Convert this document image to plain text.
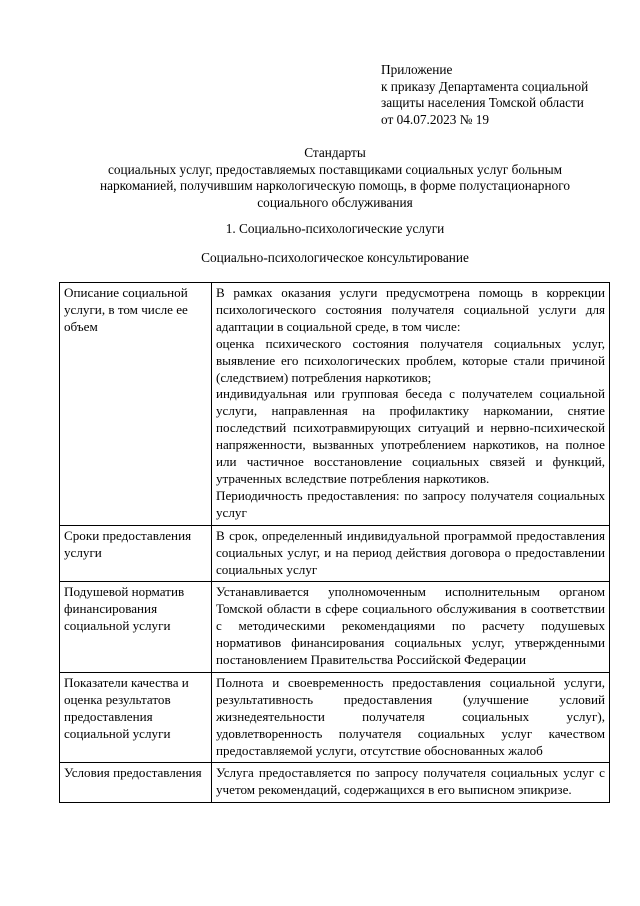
Приложение
к приказу Департамента социальной
защиты населения Томской области
от 04.07.2023 № 19
Стандарты
социальных услуг, предоставляемых поставщиками социальных услуг больным
наркоманией, получившим наркологическую помощь, в форме полустационарного
социального обслуживания
1. Социально-психологические услуги
Социально-психологическое консультирование

Описание социальной услуги, в том числе ее объем	В рамках оказания услуги предусмотрена помощь в коррекции психологического состояния получателя социальной услуги для адаптации в социальной среде, в том числе:

оценка психического состояния получателя социальных услуг, выявление его психологических проблем, которые стали причиной (следствием) потребления наркотиков;

индивидуальная или групповая беседа с получателем социальной услуги, направленная на профилактику наркомании, снятие последствий психотравмирующих ситуаций и нервно-психической напряженности, вызванных употреблением наркотиков, на полное или частичное восстановление социальных связей и функций, утраченных вследствие потребления наркотиков.

Периодичность предоставления: по запросу получателя социальных услуг

Сроки предоставления услуги	В срок, определенный индивидуальной программой предоставления социальных услуг, и на период действия договора о предоставлении социальных услуг

Подушевой норматив финансирования социальной услуги	Устанавливается уполномоченным исполнительным органом Томской области в сфере социального обслуживания в соответствии с методическими рекомендациями по расчету подушевых нормативов финансирования социальных услуг, утвержденными постановлением Правительства Российской Федерации

Показатели качества и оценка результатов предоставления социальной услуги	Полнота и своевременность предоставления социальной услуги, результативность предоставления (улучшение условий жизнедеятельности получателя социальных услуг), удовлетворенность получателя социальных услуг качеством предоставляемой услуги, отсутствие обоснованных жалоб

Условия предоставления	Услуга предоставляется по запросу получателя социальных услуг с учетом рекомендаций, содержащихся в его выписном эпикризе.
